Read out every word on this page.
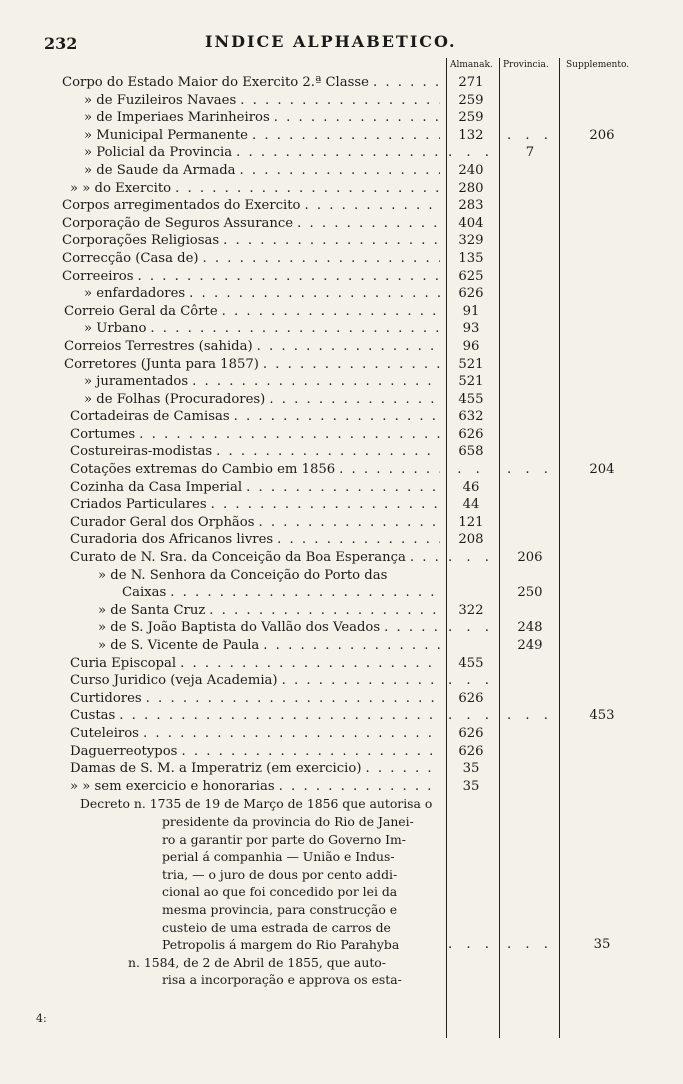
232	INDICE ALPHABETICO.
Almanak. Provincia. Supplemento.
Corpo do Estado Maior do Exercito 2.ª Classe . . .	271
» de Fuzileiros Navaes . . .	259
» de Imperiaes Marinheiros . . .	259
» Municipal Permanente . . .	132	. . .	206
» Policial da Provincia . . .	. . .	7
» de Saude da Armada . . .	240
» » do Exercito . . .	280
Corpos arregimentados do Exercito . . .	283
Corporação de Seguros Assurance . . .	404
Corporações Religiosas . . .	329
Correcção (Casa de) . . .	135
Correeiros . . .	625
» enfardadores . . .	626
Correio Geral da Côrte . . .	91
» Urbano . . .	93
Correios Terrestres (sahida) . . .	96
Corretores (Junta para 1857) . . .	521
» juramentados . . .	521
» de Folhas (Procuradores) . . .	455
Cortadeiras de Camisas . . .	632
Cortumes . . .	626
Costureiras-modistas . . .	658
Cotações extremas do Cambio em 1856 . . .	. .	. . .	204
Cozinha da Casa Imperial . . .	46
Criados Particulares . . .	44
Curador Geral dos Orphãos . . .	121
Curadoria dos Africanos livres . . .	208
Curato de N. Sra. da Conceição da Boa Esperança . . .	. . .	206
» de N. Senhora da Conceição do Porto das
Caixas . . .	250
» de Santa Cruz . . .	322
» de S. João Baptista do Vallão dos Veados . . .	. . .	248
» de S. Vicente de Paula . . .	249
Curia Episcopal . . .	455
Curso Juridico (veja Academia) . . .	. . .
Curtidores . . .	626
Custas . . .	. . . . . .	453
Cuteleiros . . .	626
Daguerreotypos . . .	626
Damas de S. M. a Imperatriz (em exercicio) . . .	35
» » sem exercicio e honorarias . . .	35
Decreto n. 1735 de 19 de Março de 1856 que autorisa o
presidente da provincia do Rio de Janei-
ro a garantir por parte do Governo Im-
perial á companhia — União e Indus-
tria, — o juro de dous por cento addi-
cional ao que foi concedido por lei da
mesma provincia, para construcção e
custeio de uma estrada de carros de
Petropolis á margem do Rio Parahyba	. . . . . .	35
n. 1584, de 2 de Abril de 1855, que auto-
risa a incorporação e approva os esta-
4:
